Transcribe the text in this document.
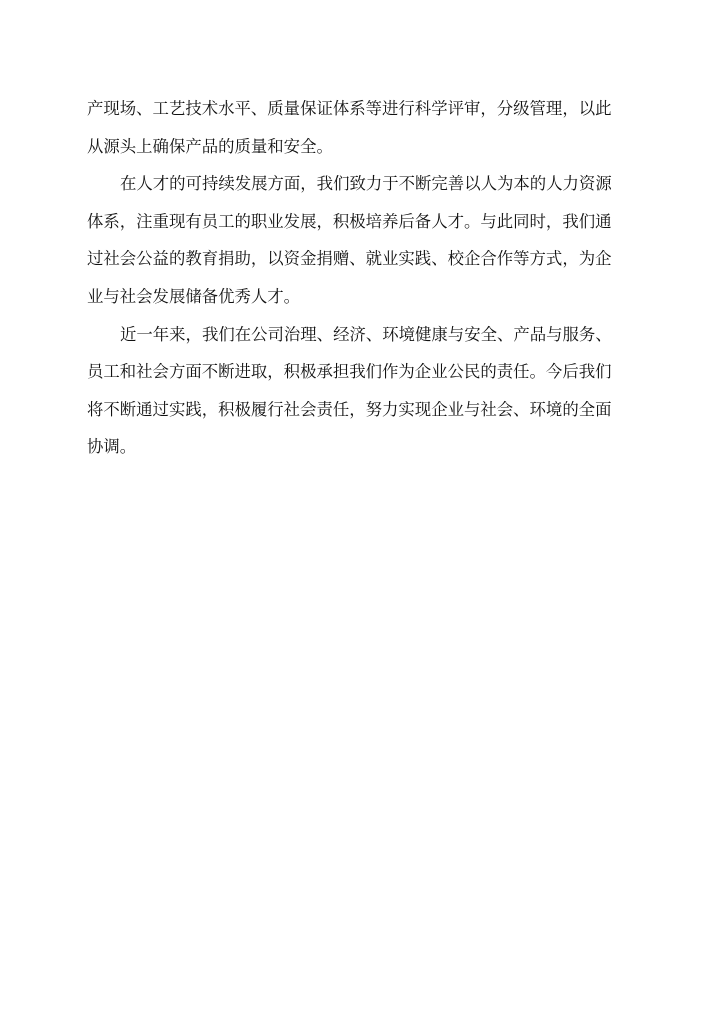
产现场、工艺技术水平、质量保证体系等进行科学评审，分级管理，以此
从源头上确保产品的质量和安全。
在人才的可持续发展方面，我们致力于不断完善以人为本的人力资源
体系，注重现有员工的职业发展，积极培养后备人才。与此同时，我们通
过社会公益的教育捐助，以资金捐赠、就业实践、校企合作等方式，为企
业与社会发展储备优秀人才。
近一年来，我们在公司治理、经济、环境健康与安全、产品与服务、
员工和社会方面不断进取，积极承担我们作为企业公民的责任。今后我们
将不断通过实践，积极履行社会责任，努力实现企业与社会、环境的全面
协调。
